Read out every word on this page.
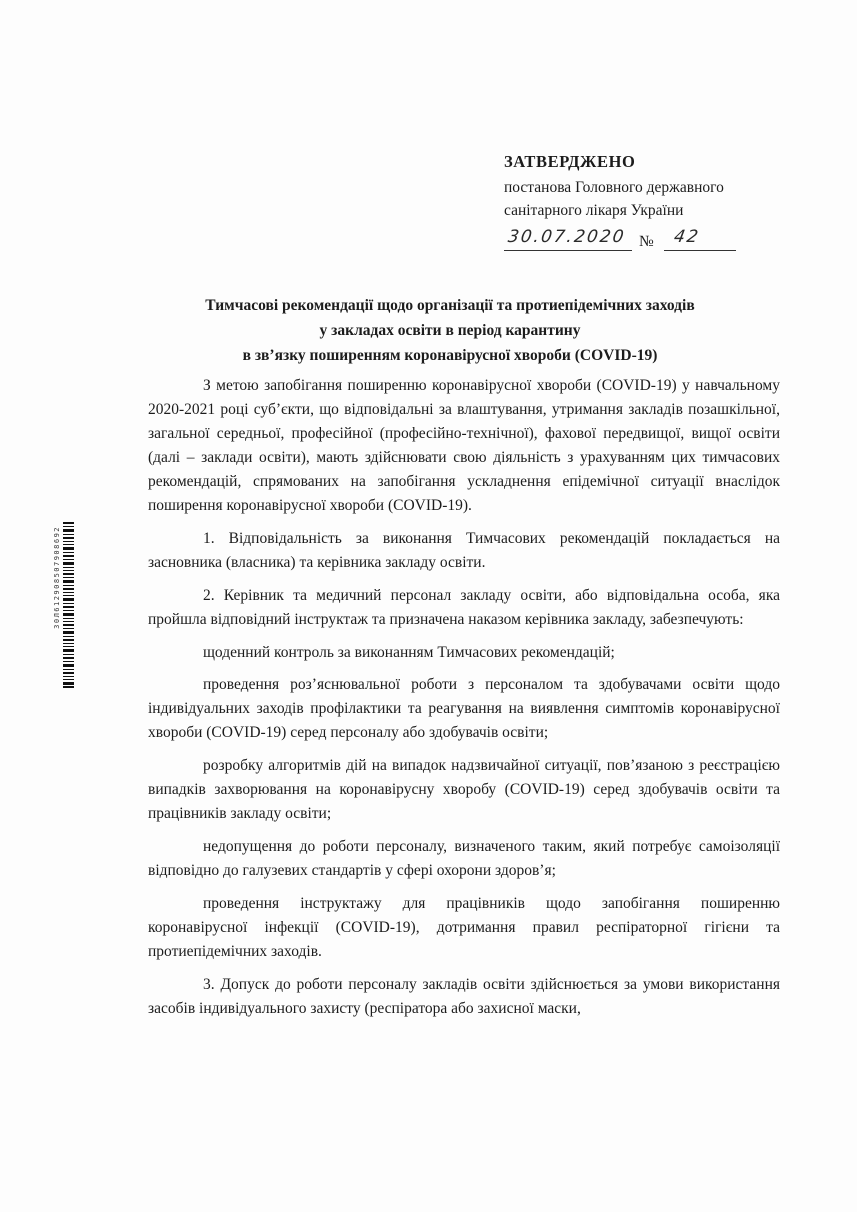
ЗАТВЕРДЖЕНО
постанова Головного державного
санітарного лікаря України
30.07.2020 № 42
Тимчасові рекомендації щодо організації та протиепідемічних заходів
у закладах освіти в період карантину
в зв’язку поширенням коронавірусної хвороби (COVID-19)

З метою запобігання поширенню коронавірусної хвороби (COVID-19) у навчальному 2020-2021 році суб’єкти, що відповідальні за влаштування, утримання закладів позашкільної, загальної середньої, професійної (професійно-технічної), фахової передвищої, вищої освіти (далі – заклади освіти), мають здійснювати свою діяльність з урахуванням цих тимчасових рекомендацій, спрямованих на запобігання ускладнення епідемічної ситуації внаслідок поширення коронавірусної хвороби (COVID-19).

1. Відповідальність за виконання Тимчасових рекомендацій покладається на засновника (власника) та керівника закладу освіти.

2. Керівник та медичний персонал закладу освіти, або відповідальна особа, яка пройшла відповідний інструктаж та призначена наказом керівника закладу, забезпечують:

щоденний контроль за виконанням Тимчасових рекомендацій;

проведення роз’яснювальної роботи з персоналом та здобувачами освіти щодо індивідуальних заходів профілактики та реагування на виявлення симптомів коронавірусної хвороби (COVID-19) серед персоналу або здобувачів освіти;

розробку алгоритмів дій на випадок надзвичайної ситуації, пов’язаною з реєстрацією випадків захворювання на коронавірусну хворобу (COVID-19) серед здобувачів освіти та працівників закладу освіти;

недопущення до роботи персоналу, визначеного таким, який потребує самоізоляції відповідно до галузевих стандартів у сфері охорони здоров’я;

проведення інструктажу для працівників щодо запобігання поширенню коронавірусної інфекції (COVID-19), дотримання правил респіраторної гігієни та протиепідемічних заходів.

3. Допуск до роботи персоналу закладів освіти здійснюється за умови використання засобів індивідуального захисту (респіратора або захисної маски,

30Л612908507908692
